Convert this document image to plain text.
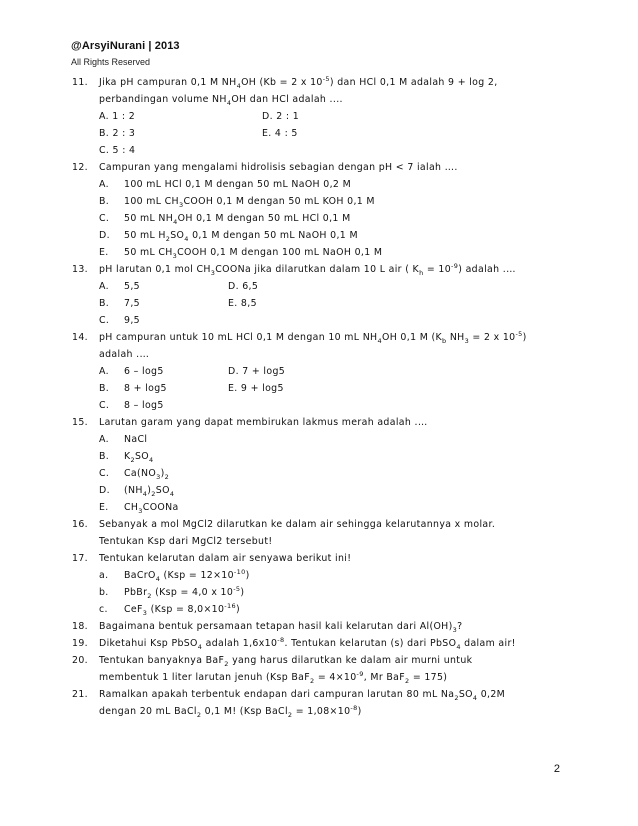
@ArsyiNurani | 2013
All Rights Reserved
11. Jika pH campuran 0,1 M $NH_4OH$ (Kb = 2 x $10^{-5}$) dan HCl 0,1 M adalah 9 + log 2,
perbandingan volume $NH_4OH$ dan HCl adalah ....
A. 1 : 2	D. 2 : 1
B. 2 : 3	E. 4 : 5
C. 5 : 4
12. Campuran yang mengalami hidrolisis sebagian dengan pH < 7 ialah ….
A. 100 mL HCl 0,1 M dengan 50 mL NaOH 0,2 M
B. 100 mL $CH_3COOH$ 0,1 M dengan 50 mL KOH 0,1 M
C. 50 mL $NH_4OH$ 0,1 M dengan 50 mL HCl 0,1 M
D. 50 mL $H_2SO_4$ 0,1 M dengan 50 mL NaOH 0,1 M
E. 50 mL $CH_3COOH$ 0,1 M dengan 100 mL NaOH 0,1 M
13. pH larutan 0,1 mol $CH_3COONa$ jika dilarutkan dalam 10 L air ( $K_h = 10^{-9}$) adalah .…
A. 5,5	D. 6,5
B. 7,5	E. 8,5
C. 9,5
14. pH campuran untuk 10 mL HCl 0,1 M dengan 10 mL $NH_4OH$ 0,1 M ($K_b$ $NH_3 = 2$ x $10^{-5}$)
adalah .…
A. 6 – log5	D. 7 + log5
B. 8 + log5	E. 9 + log5
C. 8 – log5
15. Larutan garam yang dapat membirukan lakmus merah adalah .…
A. NaCl
B. $K_2SO_4$
C. $Ca(NO_3)_2$
D. $(NH_4)_2SO_4$
E. $CH_3COONa$
16. Sebanyak a mol MgCl2 dilarutkan ke dalam air sehingga kelarutannya x molar.
Tentukan Ksp dari MgCl2 tersebut!
17. Tentukan kelarutan dalam air senyawa berikut ini!
a. BaCrO$_4$ $(Ksp = 12\times 10^{-10})$
b. PbBr$_2$ (Ksp = 4,0 x $10^{-5}$)
c. CeF$_3$ $(Ksp = 8,0\times 10^{-16})$
18. Bagaimana bentuk persamaan tetapan hasil kali kelarutan dari $Al(OH)_3$?
19. Diketahui Ksp PbSO$_4$ adalah $1,6x10^{-8}$. Tentukan kelarutan (s) dari PbSO$_4$ dalam air!
20. Tentukan banyaknya BaF$_2$ yang harus dilarutkan ke dalam air murni untuk
membentuk 1 liter larutan jenuh (Ksp $BaF_2 = 4\times 10^{-9}$, Mr BaF$_2$ = 175)
21. Ramalkan apakah terbentuk endapan dari campuran larutan 80 mL $Na_2SO_4$ 0,2M
dengan 20 mL BaCl$_2$ 0,1 M! (Ksp BaCl$_2$ = $1,08\times 10^{-8}$)
2
